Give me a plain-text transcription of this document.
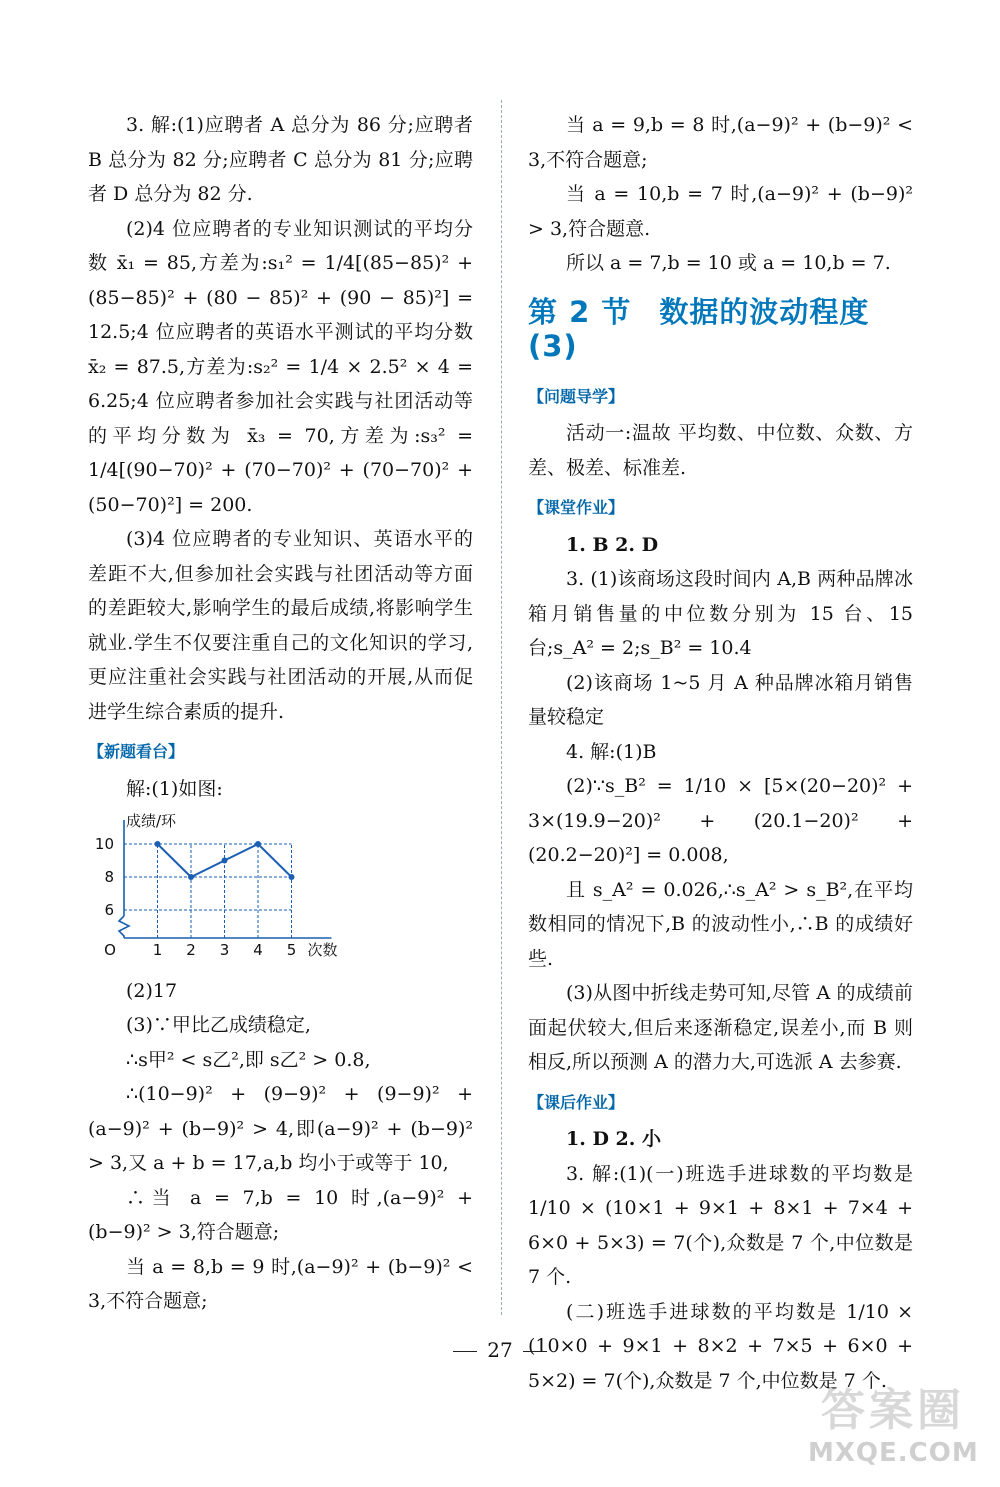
3. 解:(1)应聘者 A 总分为 86 分;应聘者 B 总分为 82 分;应聘者 C 总分为 81 分;应聘者 D 总分为 82 分.

(2)4 位应聘者的专业知识测试的平均分数 x̄₁ = 85,方差为:s₁² = 1/4[(85−85)² + (85−85)² + (80 − 85)² + (90 − 85)²] = 12.5;4 位应聘者的英语水平测试的平均分数 x̄₂ = 87.5,方差为:s₂² = 1/4 × 2.5² × 4 = 6.25;4 位应聘者参加社会实践与社团活动等的平均分数为 x̄₃ = 70,方差为:s₃² = 1/4[(90−70)² + (70−70)² + (70−70)² + (50−70)²] = 200.

(3)4 位应聘者的专业知识、英语水平的差距不大,但参加社会实践与社团活动等方面的差距较大,影响学生的最后成绩,将影响学生就业.学生不仅要注重自己的文化知识的学习,更应注重社会实践与社团活动的开展,从而促进学生综合素质的提升.

【新题看台】

解:(1)如图:

1 2 3 4 5
6
8
10
O
成绩/环
次数

(2)17

(3)∵甲比乙成绩稳定,

∴s甲² < s乙²,即 s乙² > 0.8,

∴(10−9)² + (9−9)² + (9−9)² + (a−9)² + (b−9)² > 4,即(a−9)² + (b−9)² > 3,又 a + b = 17,a,b 均小于或等于 10,

∴当 a = 7,b = 10 时,(a−9)² + (b−9)² > 3,符合题意;

当 a = 8,b = 9 时,(a−9)² + (b−9)² < 3,不符合题意;

当 a = 9,b = 8 时,(a−9)² + (b−9)² < 3,不符合题意;

当 a = 10,b = 7 时,(a−9)² + (b−9)² > 3,符合题意.

所以 a = 7,b = 10 或 a = 10,b = 7.

第 2 节 数据的波动程度(3)
【问题导学】

活动一:温故 平均数、中位数、众数、方差、极差、标准差.

【课堂作业】

1. B 2. D

3. (1)该商场这段时间内 A,B 两种品牌冰箱月销售量的中位数分别为 15 台、15 台;s_A² = 2;s_B² = 10.4

(2)该商场 1~5 月 A 种品牌冰箱月销售量较稳定

4. 解:(1)B

(2)∵s_B² = 1/10 × [5×(20−20)² + 3×(19.9−20)² + (20.1−20)² + (20.2−20)²] = 0.008,

且 s_A² = 0.026,∴s_A² > s_B²,在平均数相同的情况下,B 的波动性小,∴B 的成绩好些.

(3)从图中折线走势可知,尽管 A 的成绩前面起伏较大,但后来逐渐稳定,误差小,而 B 则相反,所以预测 A 的潜力大,可选派 A 去参赛.

【课后作业】

1. D 2. 小

3. 解:(1)(一)班选手进球数的平均数是 1/10 × (10×1 + 9×1 + 8×1 + 7×4 + 6×0 + 5×3) = 7(个),众数是 7 个,中位数是 7 个.

(二)班选手进球数的平均数是 1/10 × (10×0 + 9×1 + 8×2 + 7×5 + 6×0 + 5×2) = 7(个),众数是 7 个,中位数是 7 个.

27
答案圈
MXQE.COM
